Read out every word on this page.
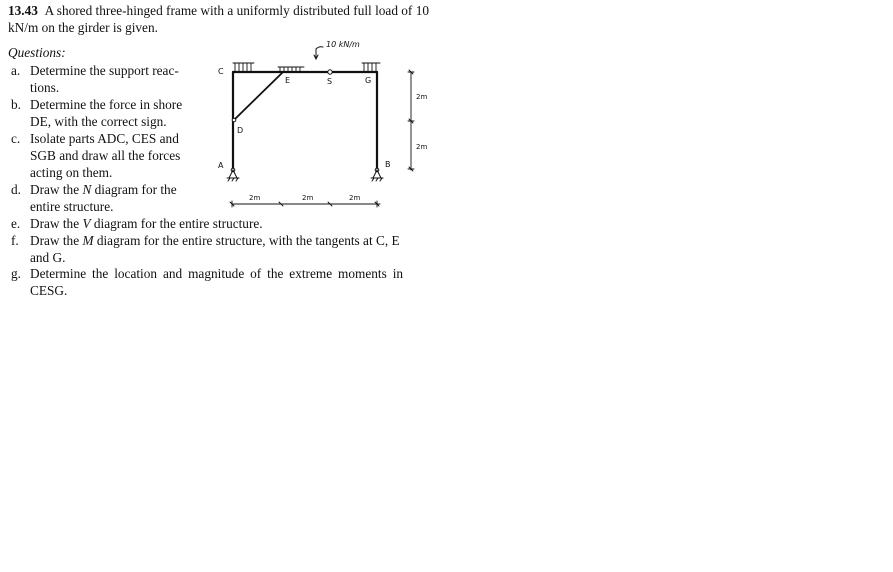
13.43 A shored three-hinged frame with a uniformly distributed full load of 10 kN/m on the girder is given.
Questions:
a. Determine the support reac-
tions.
b. Determine the force in shore
DE, with the correct sign.
c. Isolate parts ADC, CES and
SGB and draw all the forces
acting on them.
d. Draw the N diagram for the
entire structure.
e. Draw the V diagram for the entire structure.
f. Draw the M diagram for the entire structure, with the tangents at C, E
and G.
g. Determine the location and magnitude of the extreme moments in
CESG.
10 kN/m
C
E	S	G
D
A	B
2m	2m	2m
2m
2m
